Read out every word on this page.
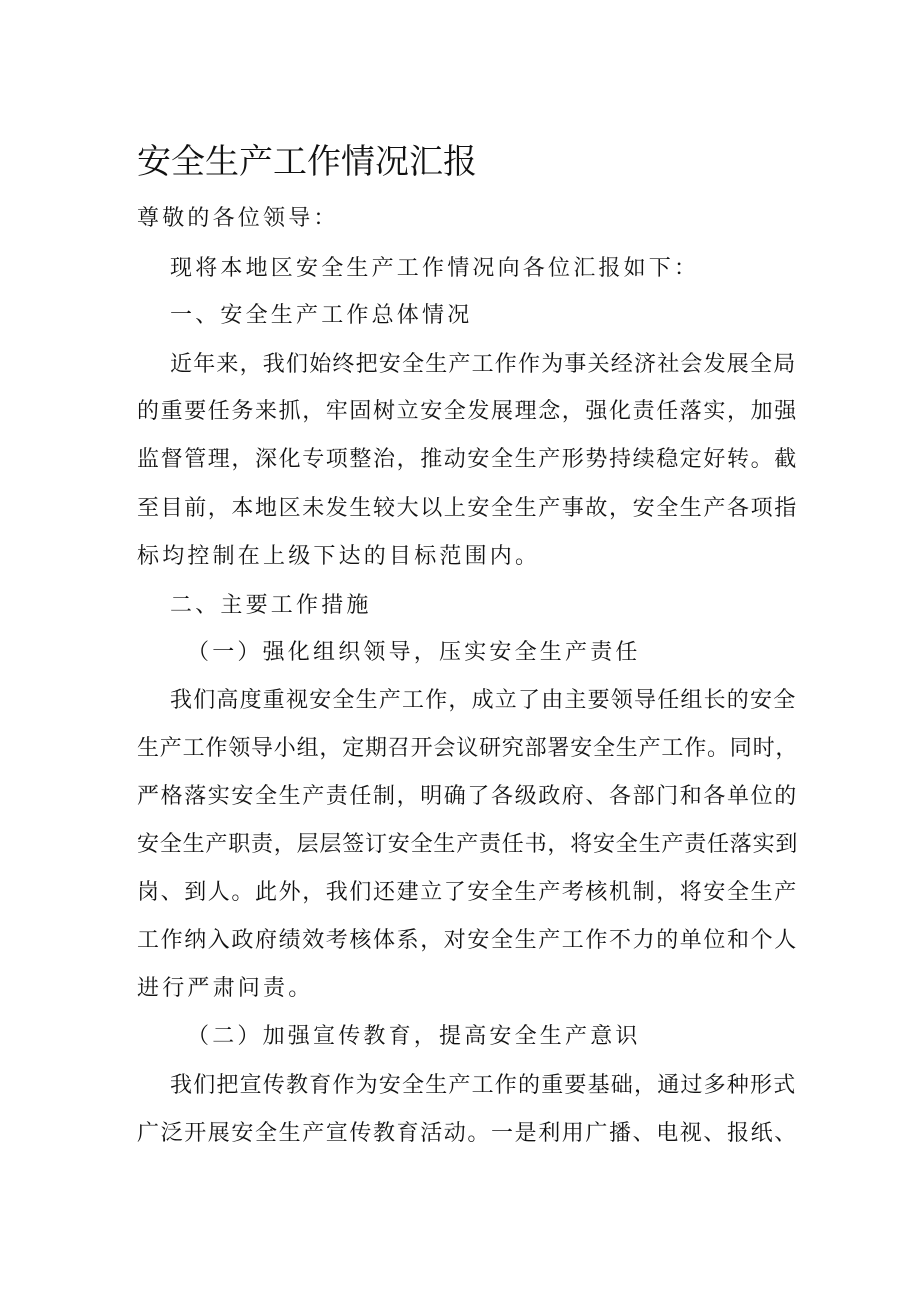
安全生产工作情况汇报
尊敬的各位领导：
现将本地区安全生产工作情况向各位汇报如下：
一、安全生产工作总体情况
近年来，我们始终把安全生产工作作为事关经济社会发展全局
的重要任务来抓，牢固树立安全发展理念，强化责任落实，加强
监督管理，深化专项整治，推动安全生产形势持续稳定好转。截
至目前，本地区未发生较大以上安全生产事故，安全生产各项指
标均控制在上级下达的目标范围内。
二、主要工作措施
（一）强化组织领导，压实安全生产责任
我们高度重视安全生产工作，成立了由主要领导任组长的安全
生产工作领导小组，定期召开会议研究部署安全生产工作。同时，
严格落实安全生产责任制，明确了各级政府、各部门和各单位的
安全生产职责，层层签订安全生产责任书，将安全生产责任落实到
岗、到人。此外，我们还建立了安全生产考核机制，将安全生产
工作纳入政府绩效考核体系，对安全生产工作不力的单位和个人
进行严肃问责。
（二）加强宣传教育，提高安全生产意识
我们把宣传教育作为安全生产工作的重要基础，通过多种形式
广泛开展安全生产宣传教育活动。一是利用广播、电视、报纸、
